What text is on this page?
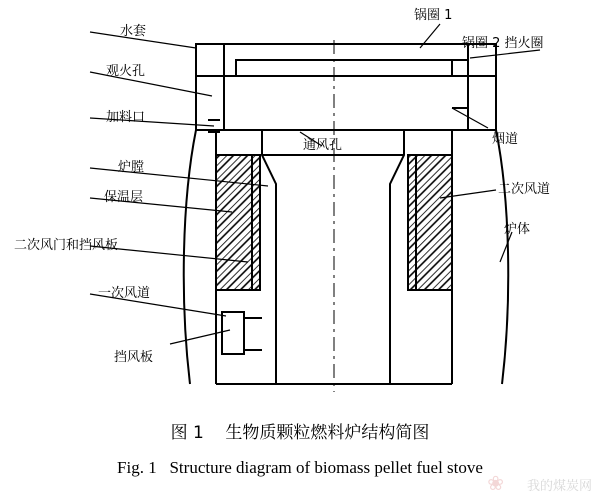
水套
观火孔
加料口
炉膛
保温层
二次风门和挡风板
一次风道
挡风板
锅圈 1
锅圈 2 挡火圈
烟道
二次风道
炉体
通风孔
图 1    生物质颗粒燃料炉结构简图
Fig. 1   Structure diagram of biomass pellet fuel stove
❀ 我的煤炭网
